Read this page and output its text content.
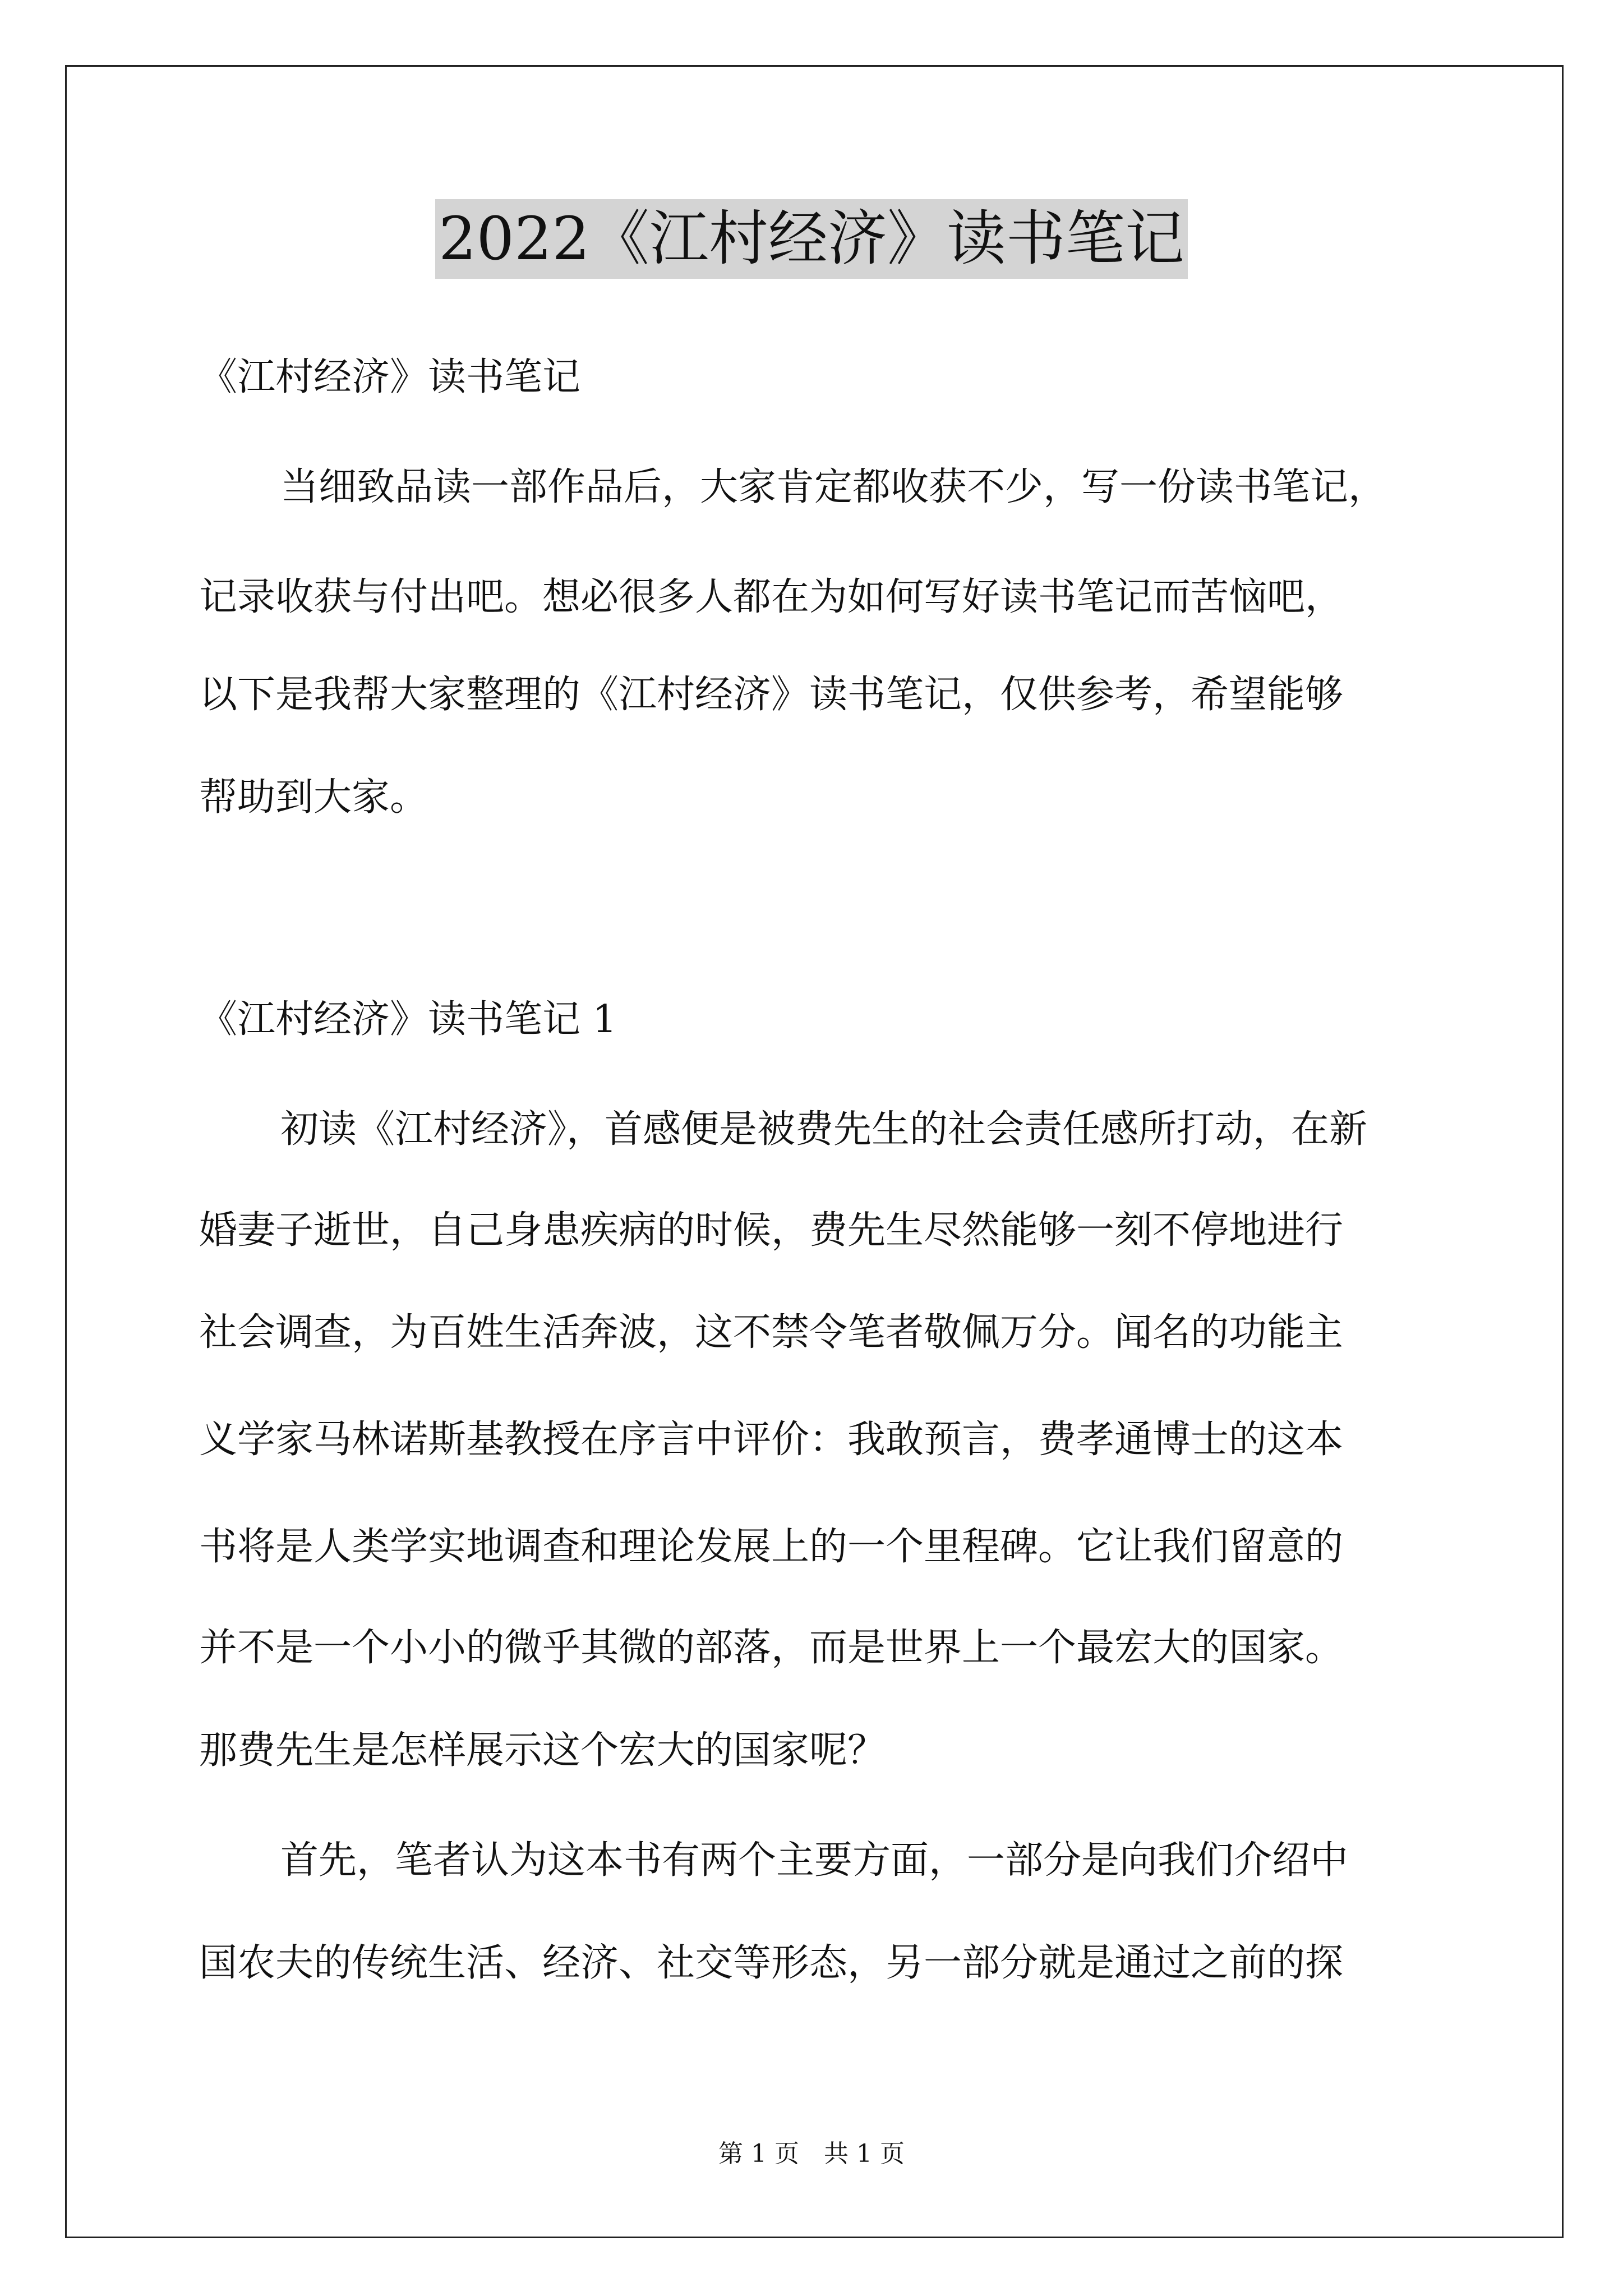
2022《江村经济》读书笔记
《江村经济》读书笔记
当细致品读一部作品后，大家肯定都收获不少，写一份读书笔记，
记录收获与付出吧。想必很多人都在为如何写好读书笔记而苦恼吧，
以下是我帮大家整理的《江村经济》读书笔记，仅供参考，希望能够
帮助到大家。
《江村经济》读书笔记 1
初读《江村经济》，首感便是被费先生的社会责任感所打动，在新
婚妻子逝世，自己身患疾病的时候，费先生尽然能够一刻不停地进行
社会调查，为百姓生活奔波，这不禁令笔者敬佩万分。闻名的功能主
义学家马林诺斯基教授在序言中评价：我敢预言，费孝通博士的这本
书将是人类学实地调查和理论发展上的一个里程碑。它让我们留意的
并不是一个小小的微乎其微的部落，而是世界上一个最宏大的国家。
那费先生是怎样展示这个宏大的国家呢？
首先，笔者认为这本书有两个主要方面，一部分是向我们介绍中
国农夫的传统生活、经济、社交等形态，另一部分就是通过之前的探
第 1 页　共 1 页
